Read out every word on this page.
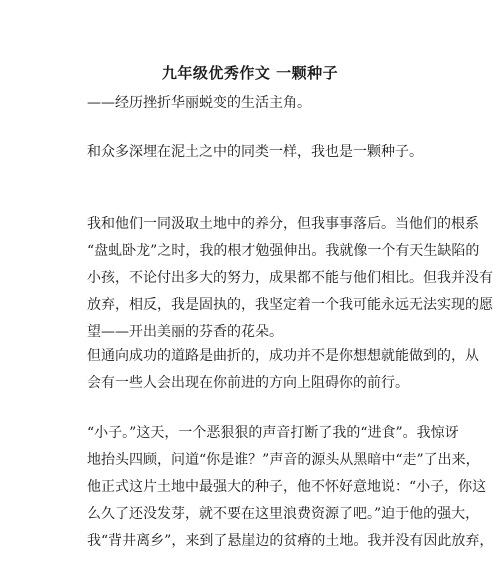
九年级优秀作文 一颗种子
——经历挫折华丽蜕变的生活主角。
和众多深埋在泥土之中的同类一样，我也是一颗种子。
我和他们一同汲取土地中的养分，但我事事落后。当他们的根系
“盘虬卧龙”之时，我的根才勉强伸出。我就像一个有天生缺陷的
小孩，不论付出多大的努力，成果都不能与他们相比。但我并没有
放弃，相反，我是固执的，我坚定着一个我可能永远无法实现的愿
望——开出美丽的芬香的花朵。
但通向成功的道路是曲折的，成功并不是你想想就能做到的，从
会有一些人会出现在你前进的方向上阻碍你的前行。
“小子。”这天，一个恶狠狠的声音打断了我的“进食”。我惊讶
地抬头四顾，问道“你是谁？”声音的源头从黑暗中“走”了出来，
他正式这片土地中最强大的种子，他不怀好意地说：“小子，你这
么久了还没发芽，就不要在这里浪费资源了吧。”迫于他的强大，
我“背井离乡”，来到了悬崖边的贫瘠的土地。我并没有因此放弃，
